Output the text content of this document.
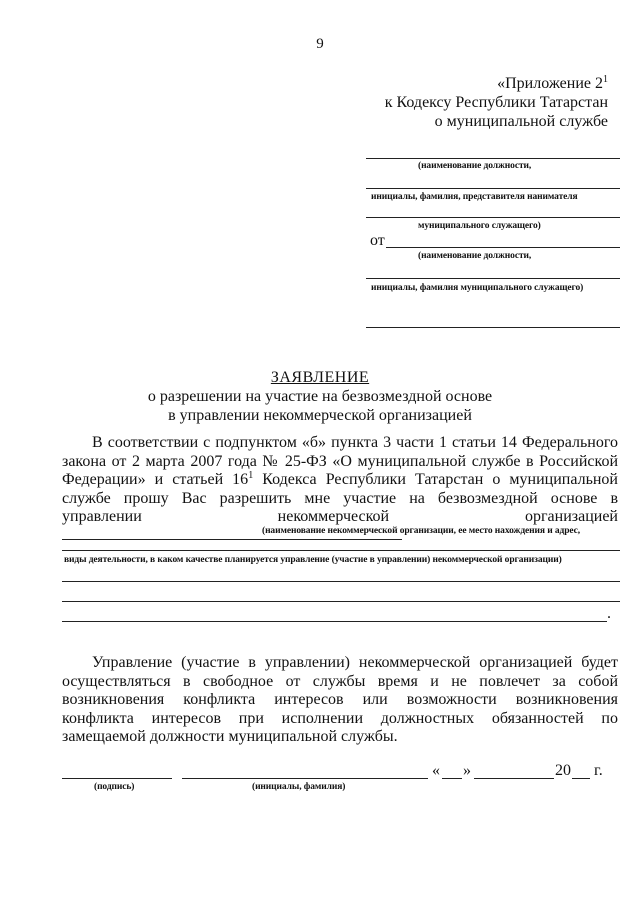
9
«Приложение $2^1$
к Кодексу Республики Татарстан
о муниципальной службе
(наименование должности,
инициалы, фамилия, представителя нанимателя
муниципального служащего)
от
(наименование должности,
инициалы, фамилия муниципального служащего)
ЗАЯВЛЕНИЕ
о разрешении на участие на безвозмездной основе
в управлении некоммерческой организацией
В соответствии с подпунктом «б» пункта 3 части 1 статьи 14 Федерального закона от 2 марта 2007 года № 25-ФЗ «О муниципальной службе в Российской Федерации» и статьей $16^1$ Кодекса Республики Татарстан о муниципальной службе прошу Вас разрешить мне участие на безвозмездной основе в управлении некоммерческой организацией
(наименование некоммерческой организации, ее место нахождения и адрес,
виды деятельности, в каком качестве планируется управление (участие в управлении) некоммерческой организации)
.
Управление (участие в управлении) некоммерческой организацией будет осуществляться в свободное от службы время и не повлечет за собой возникновения конфликта интересов или возможности возникновения конфликта интересов при исполнении должностных обязанностей по замещаемой должности муниципальной службы.
« »	20 г.
(подпись)	(инициалы, фамилия)
